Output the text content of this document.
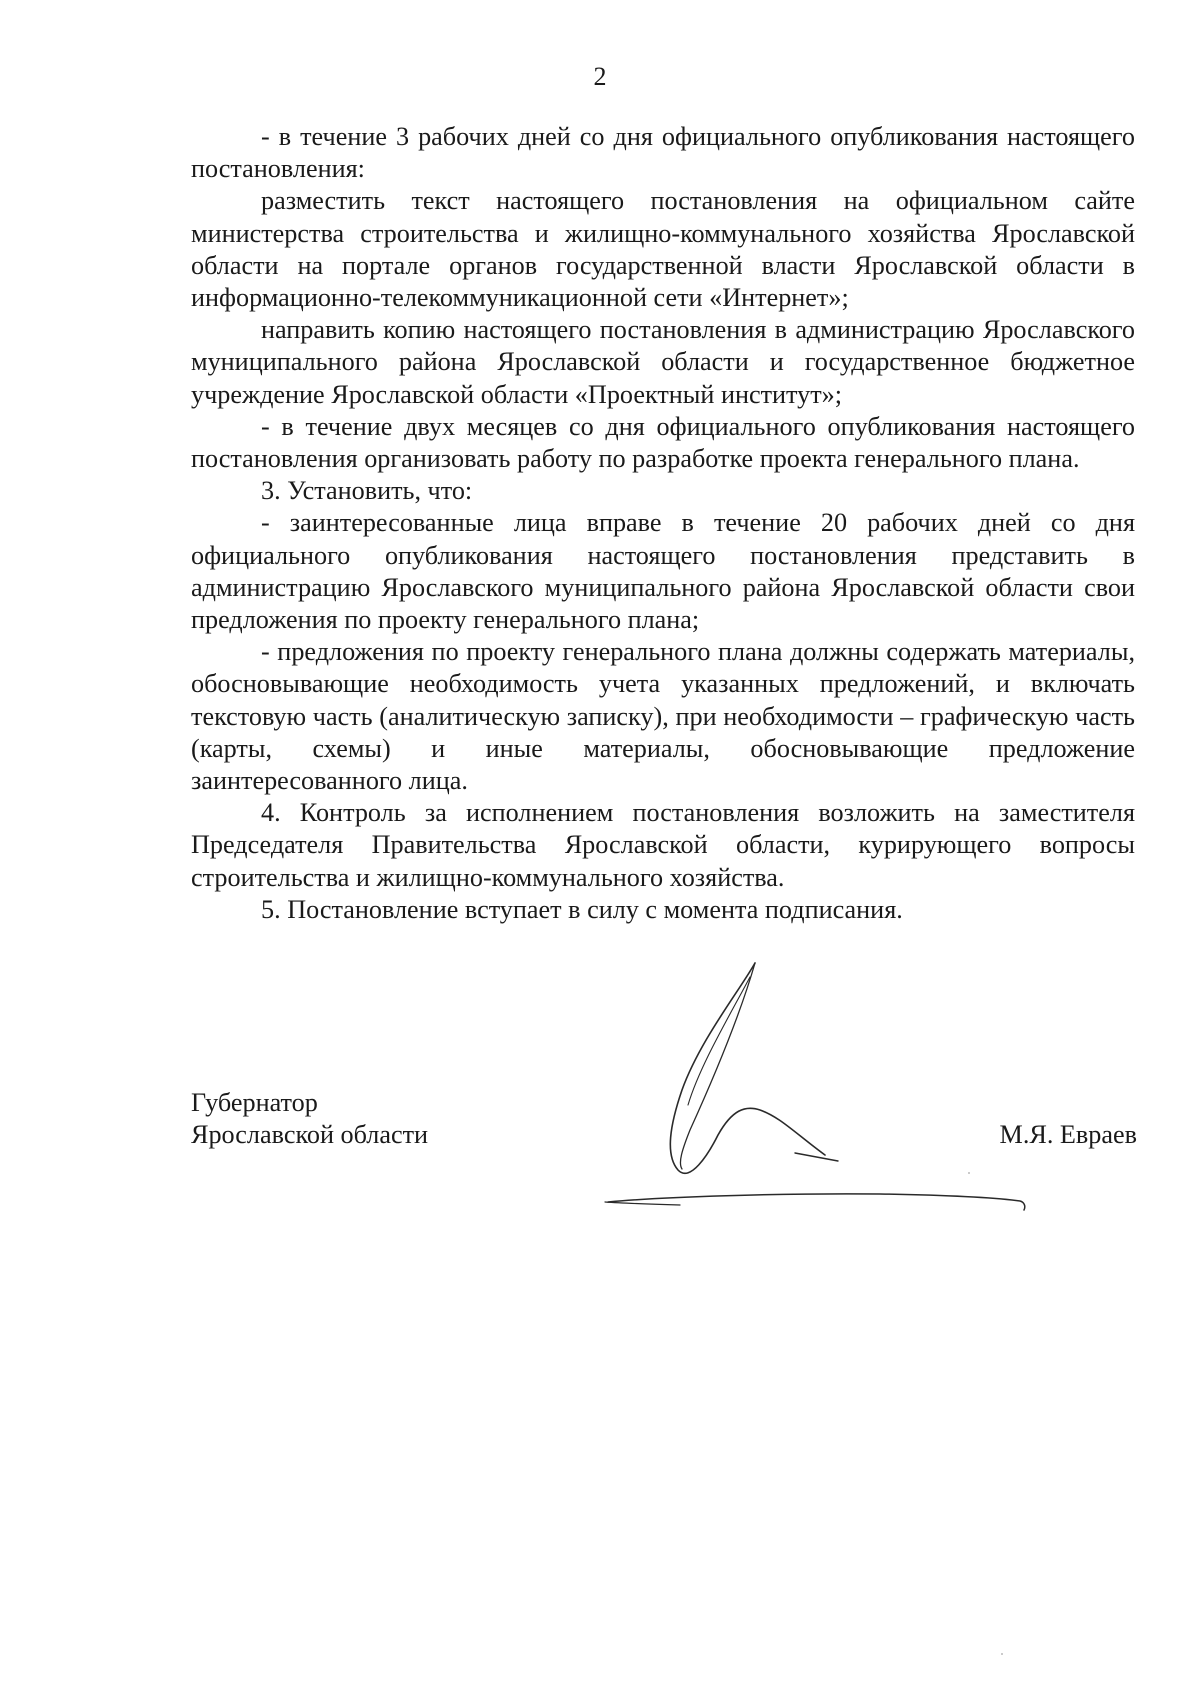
2

- в течение 3 рабочих дней со дня официального опубликования настоящего постановления:

разместить текст настоящего постановления на официальном сайте министерства строительства и жилищно-коммунального хозяйства Ярославской области на портале органов государственной власти Ярославской области в информационно-телекоммуникационной сети «Интернет»;

направить копию настоящего постановления в администрацию Ярославского муниципального района Ярославской области и государственное бюджетное учреждение Ярославской области «Проектный институт»;

- в течение двух месяцев со дня официального опубликования настоящего постановления организовать работу по разработке проекта генерального плана.

3. Установить, что:

- заинтересованные лица вправе в течение 20 рабочих дней со дня официального опубликования настоящего постановления представить в администрацию Ярославского муниципального района Ярославской области свои предложения по проекту генерального плана;

- предложения по проекту генерального плана должны содержать материалы, обосновывающие необходимость учета указанных предложений, и включать текстовую часть (аналитическую записку), при необходимости – графическую часть (карты, схемы) и иные материалы, обосновывающие предложение заинтересованного лица.

4. Контроль за исполнением постановления возложить на заместителя Председателя Правительства Ярославской области, курирующего вопросы строительства и жилищно-коммунального хозяйства.

5. Постановление вступает в силу с момента подписания.

Губернатор
Ярославской области	М.Я. Евраев
